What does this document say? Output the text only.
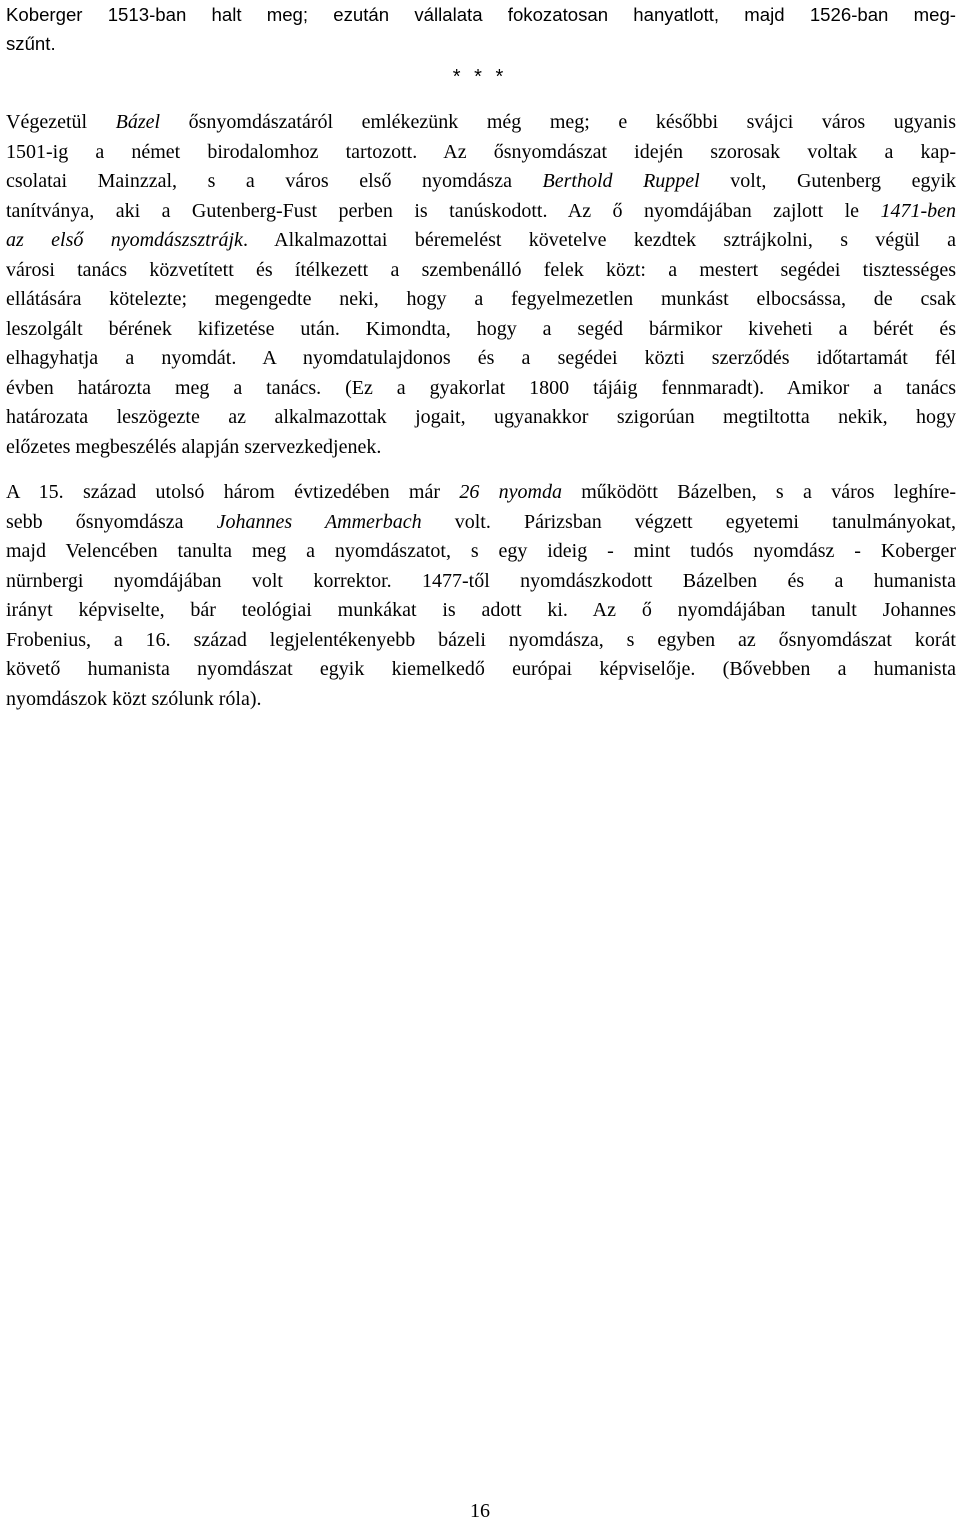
Koberger 1513-ban halt meg; ezután vállalata fokozatosan hanyatlott, majd 1526-ban meg-
szűnt.
* * *
Végezetül Bázel ősnyomdászatáról emlékezünk még meg; e későbbi svájci város ugyanis
1501-ig a német birodalomhoz tartozott. Az ősnyomdászat idején szorosak voltak a kap-
csolatai Mainzzal, s a város első nyomdásza Berthold Ruppel volt, Gutenberg egyik
tanítványa, aki a Gutenberg-Fust perben is tanúskodott. Az ő nyomdájában zajlott le 1471-ben
az első nyomdászsztrájk. Alkalmazottai béremelést követelve kezdtek sztrájkolni, s végül a
városi tanács közvetített és ítélkezett a szembenálló felek közt: a mestert segédei tisztességes
ellátására kötelezte; megengedte neki, hogy a fegyelmezetlen munkást elbocsássa, de csak
leszolgált bérének kifizetése után. Kimondta, hogy a segéd bármikor kiveheti a bérét és
elhagyhatja a nyomdát. A nyomdatulajdonos és a segédei közti szerződés időtartamát fél
évben határozta meg a tanács. (Ez a gyakorlat 1800 tájáig fennmaradt). Amikor a tanács
határozata leszögezte az alkalmazottak jogait, ugyanakkor szigorúan megtiltotta nekik, hogy
előzetes megbeszélés alapján szervezkedjenek.
A 15. század utolsó három évtizedében már 26 nyomda működött Bázelben, s a város leghíre-
sebb ősnyomdásza Johannes Ammerbach volt. Párizsban végzett egyetemi tanulmányokat,
majd Velencében tanulta meg a nyomdászatot, s egy ideig - mint tudós nyomdász - Koberger
nürnbergi nyomdájában volt korrektor. 1477-től nyomdászkodott Bázelben és a humanista
irányt képviselte, bár teológiai munkákat is adott ki. Az ő nyomdájában tanult Johannes
Frobenius, a 16. század legjelentékenyebb bázeli nyomdásza, s egyben az ősnyomdászat korát
követő humanista nyomdászat egyik kiemelkedő európai képviselője. (Bővebben a humanista
nyomdászok közt szólunk róla).
16
